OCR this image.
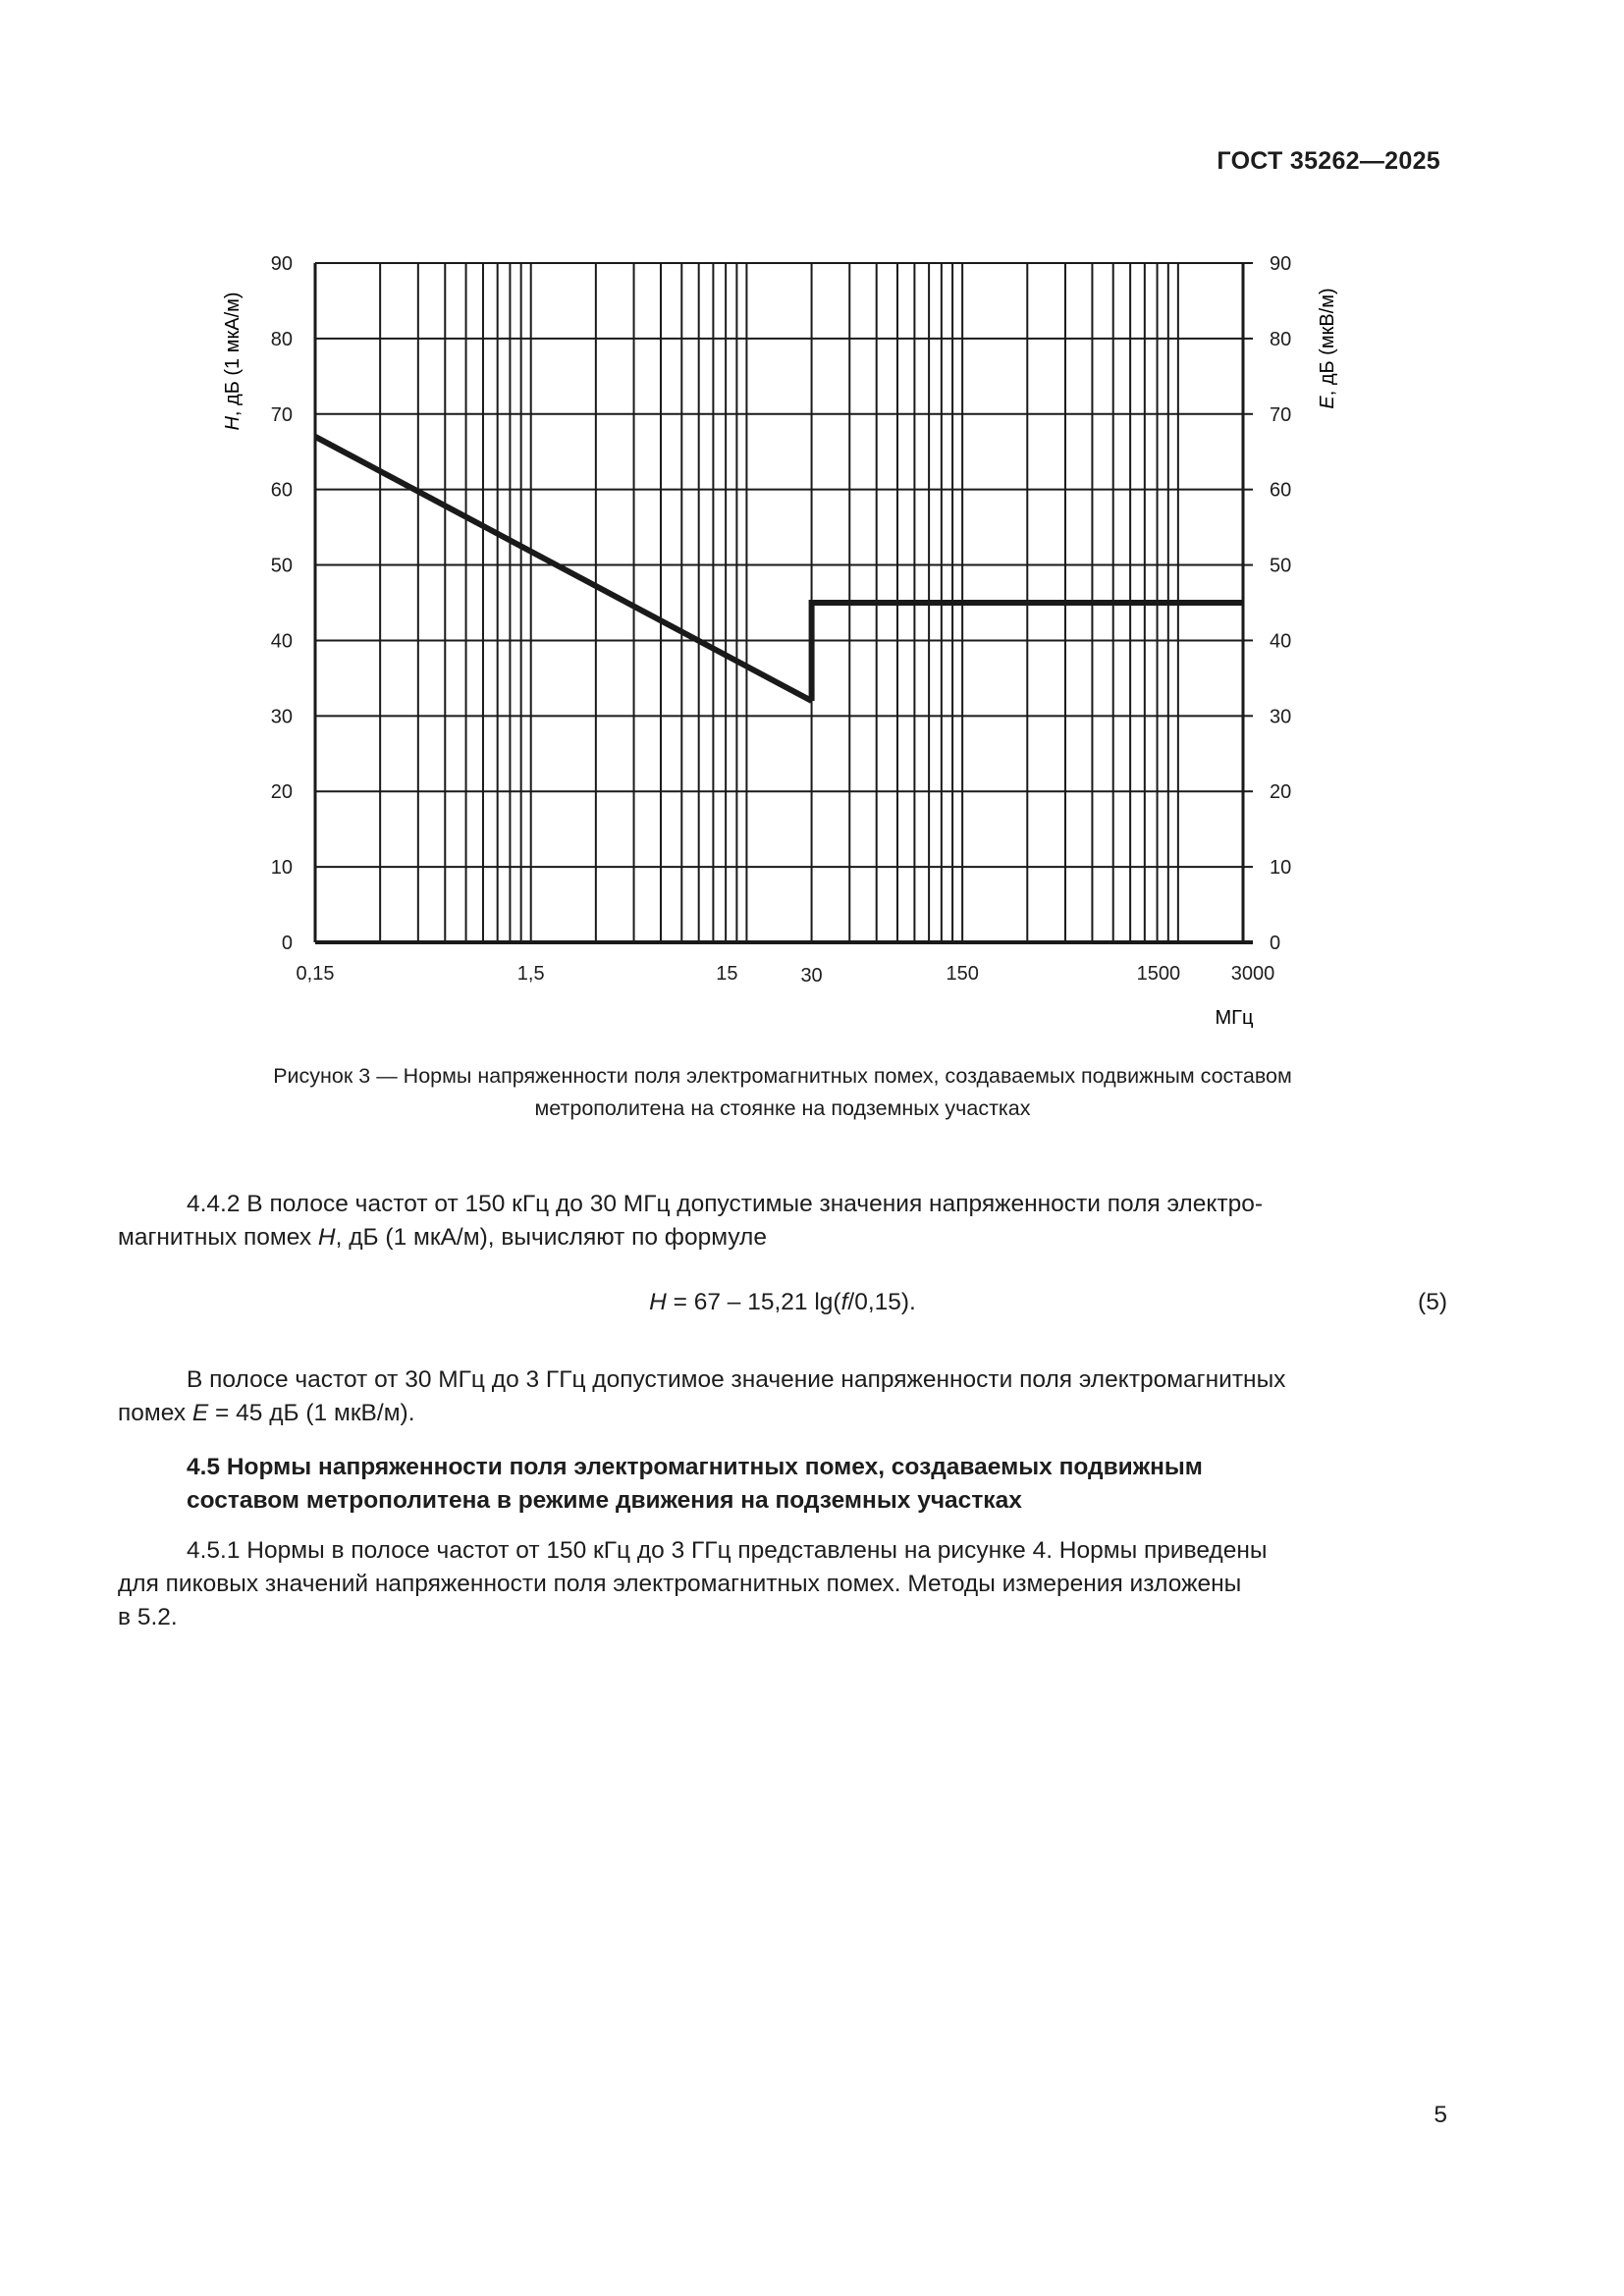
ГОСТ 35262—2025
0
10
20
30
40
50
60
70
80
90
0
10
20
30
40
50
60
70
80
90
0,15	1,5	15	30	150	1500	3000
МГц
H, дБ (1 мкА/м)	E, дБ (мкВ/м)
Рисунок 3 — Нормы напряженности поля электромагнитных помех, создаваемых подвижным составом
метрополитена на стоянке на подземных участках
4.4.2 В полосе частот от 150 кГц до 30 МГц допустимые значения напряженности поля электро-
магнитных помех H, дБ (1 мкА/м), вычисляют по формуле
H = 67 – 15,21 lg(f/0,15).	(5)
В полосе частот от 30 МГц до 3 ГГц допустимое значение напряженности поля электромагнитных
помех E = 45 дБ (1 мкВ/м).
4.5 Нормы напряженности поля электромагнитных помех, создаваемых подвижным
составом метрополитена в режиме движения на подземных участках
4.5.1 Нормы в полосе частот от 150 кГц до 3 ГГц представлены на рисунке 4. Нормы приведены
для пиковых значений напряженности поля электромагнитных помех. Методы измерения изложены
в 5.2.
5
